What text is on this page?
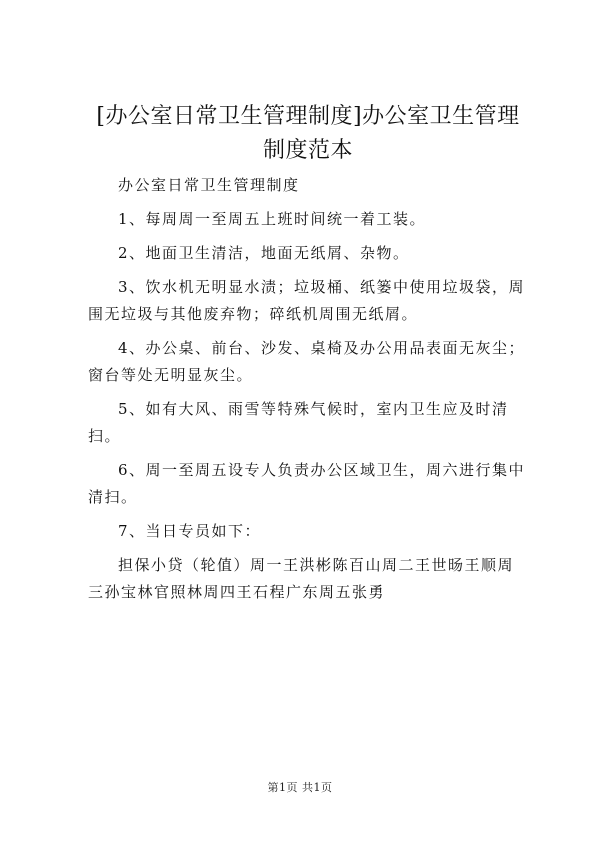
[办公室日常卫生管理制度]办公室卫生管理制度范本

办公室日常卫生管理制度

1、每周周一至周五上班时间统一着工装。

2、地面卫生清洁，地面无纸屑、杂物。

3、饮水机无明显水渍；垃圾桶、纸篓中使用垃圾袋，周围无垃圾与其他废弃物；碎纸机周围无纸屑。

4、办公桌、前台、沙发、桌椅及办公用品表面无灰尘；窗台等处无明显灰尘。

5、如有大风、雨雪等特殊气候时，室内卫生应及时清扫。

6、周一至周五设专人负责办公区域卫生，周六进行集中清扫。

7、当日专员如下：

担保小贷（轮值）周一王洪彬陈百山周二王世旸王顺周三孙宝林官照林周四王石程广东周五张勇

第1页 共1页
